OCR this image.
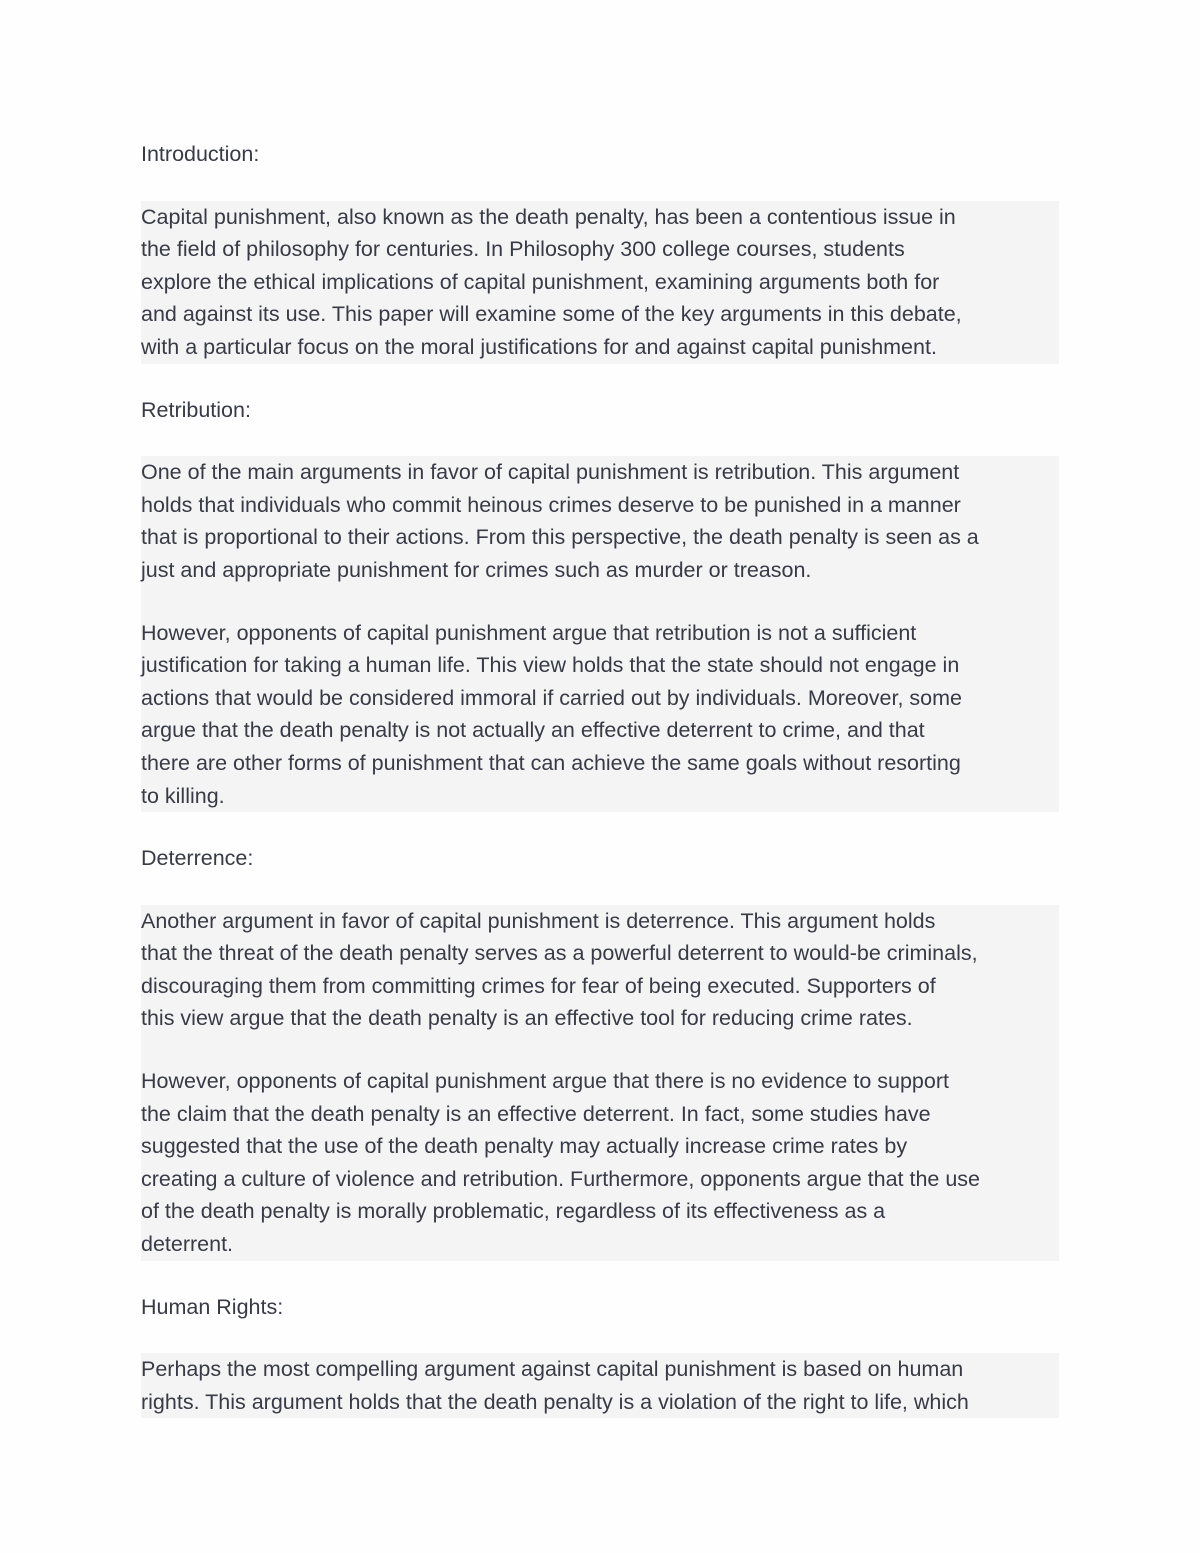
Introduction:

Capital punishment, also known as the death penalty, has been a contentious issue in
the field of philosophy for centuries. In Philosophy 300 college courses, students
explore the ethical implications of capital punishment, examining arguments both for
and against its use. This paper will examine some of the key arguments in this debate,
with a particular focus on the moral justifications for and against capital punishment.

Retribution:

One of the main arguments in favor of capital punishment is retribution. This argument
holds that individuals who commit heinous crimes deserve to be punished in a manner
that is proportional to their actions. From this perspective, the death penalty is seen as a
just and appropriate punishment for crimes such as murder or treason.

However, opponents of capital punishment argue that retribution is not a sufficient
justification for taking a human life. This view holds that the state should not engage in
actions that would be considered immoral if carried out by individuals. Moreover, some
argue that the death penalty is not actually an effective deterrent to crime, and that
there are other forms of punishment that can achieve the same goals without resorting
to killing.

Deterrence:

Another argument in favor of capital punishment is deterrence. This argument holds
that the threat of the death penalty serves as a powerful deterrent to would-be criminals,
discouraging them from committing crimes for fear of being executed. Supporters of
this view argue that the death penalty is an effective tool for reducing crime rates.

However, opponents of capital punishment argue that there is no evidence to support
the claim that the death penalty is an effective deterrent. In fact, some studies have
suggested that the use of the death penalty may actually increase crime rates by
creating a culture of violence and retribution. Furthermore, opponents argue that the use
of the death penalty is morally problematic, regardless of its effectiveness as a
deterrent.

Human Rights:

Perhaps the most compelling argument against capital punishment is based on human
rights. This argument holds that the death penalty is a violation of the right to life, which
